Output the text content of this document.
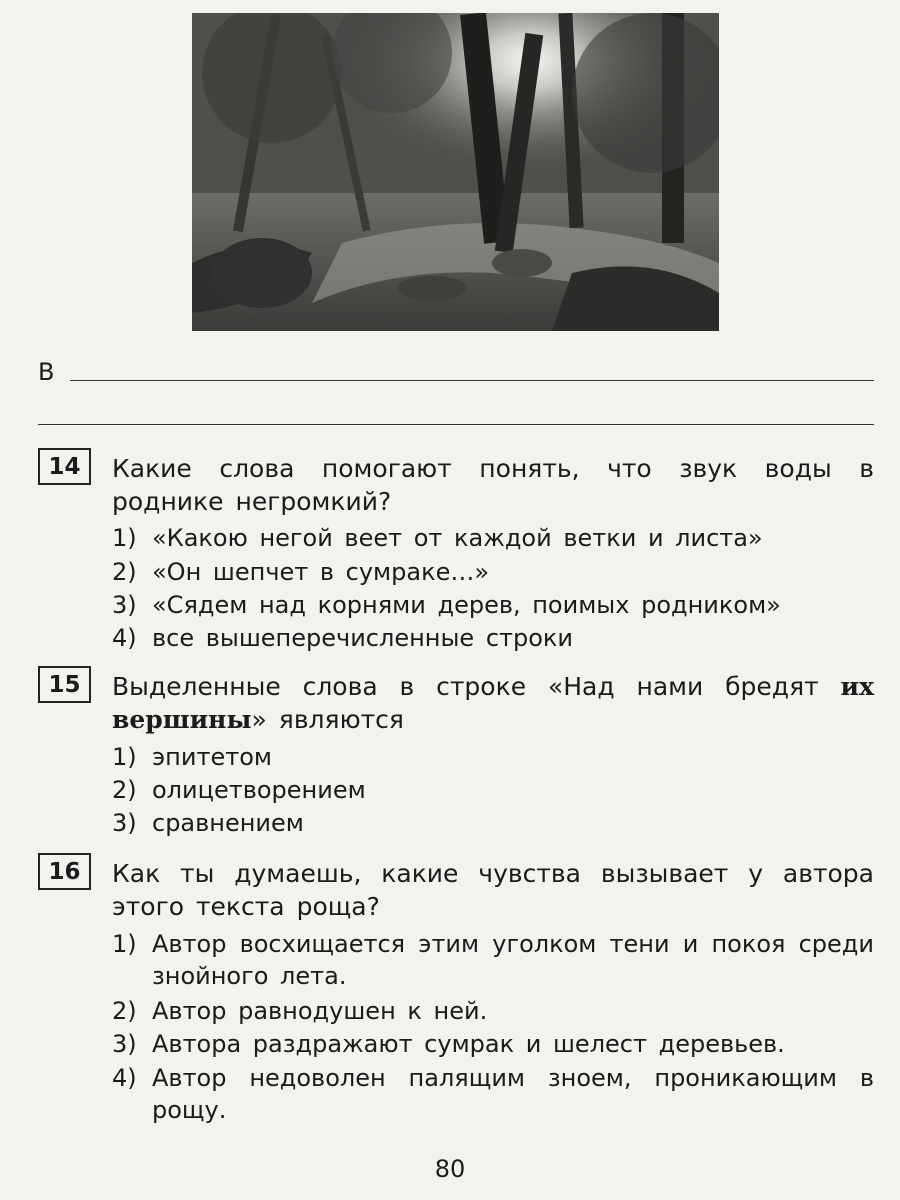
В
14	Какие слова помогают понять, что звук воды в роднике негромкий?
1) «Какою негой веет от каждой ветки и листа»
2) «Он шепчет в сумраке…»
3) «Сядем над корнями дерев, поимых родником»
4) все вышеперечисленные строки
15	Выделенные слова в строке «Над нами бредят их вершины» являются
1) эпитетом
2) олицетворением
3) сравнением
16	Как ты думаешь, какие чувства вызывает у автора этого текста роща?
1) Автор восхищается этим уголком тени и покоя среди знойного лета.
2) Автор равнодушен к ней.
3) Автора раздражают сумрак и шелест деревьев.
4) Автор недоволен палящим зноем, проникающим в рощу.
80
